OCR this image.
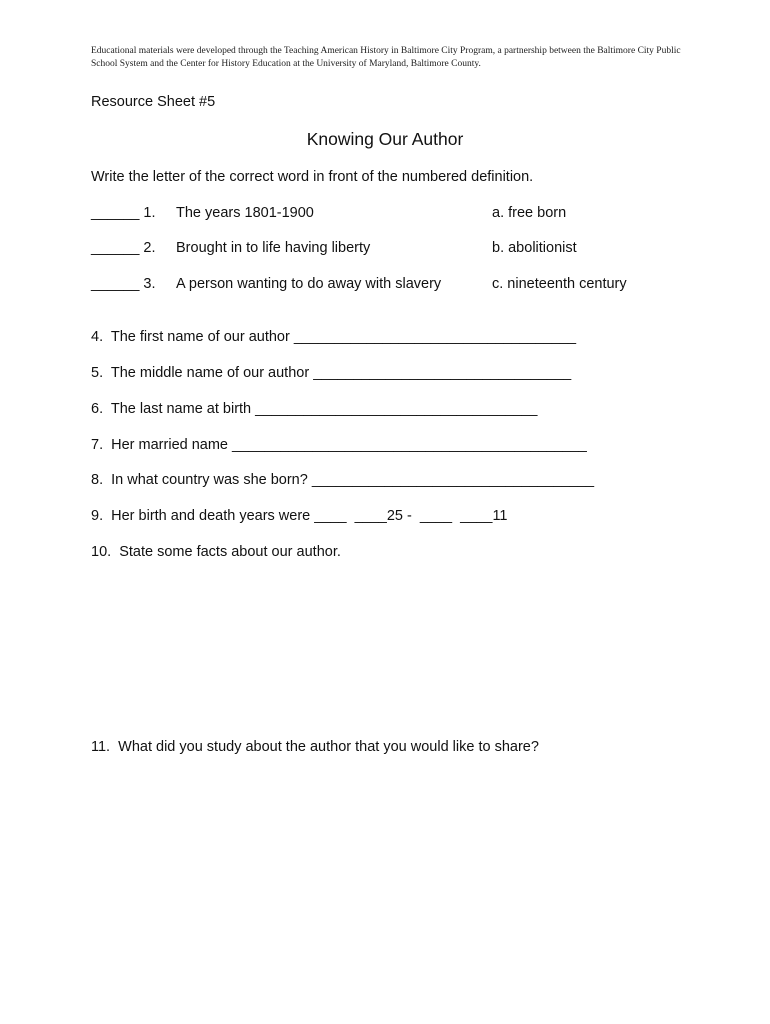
Educational materials were developed through the Teaching American History in Baltimore City Program, a partnership between the Baltimore City Public School System and the Center for History Education at the University of Maryland, Baltimore County.
Resource Sheet #5
Knowing Our Author
Write the letter of the correct word in front of the numbered definition.
______ 1. The years 1801-1900	a. free born
______ 2. Brought in to life having liberty	b. abolitionist
______ 3. A person wanting to do away with slavery	c. nineteenth century
4.  The first name of our author ___________________________________
5.  The middle name of our author ________________________________
6.  The last name at birth ___________________________________
7.  Her married name ____________________________________________
8.  In what country was she born? ___________________________________
9.  Her birth and death years were ____  ____25 -  ____  ____11
10.  State some facts about our author.
11.  What did you study about the author that you would like to share?
